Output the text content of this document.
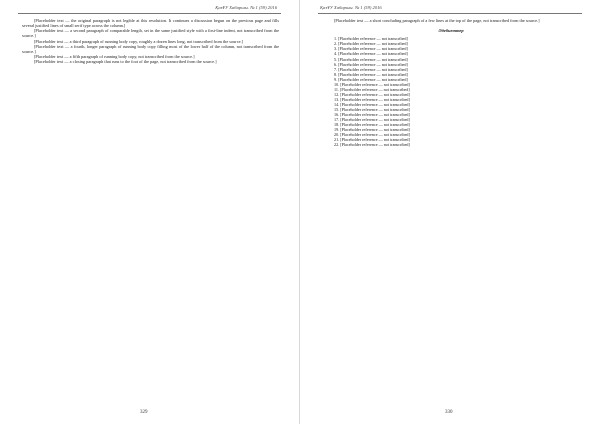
ҚазҰУ Хабаршы. № 1 (59) 2016

[Placeholder text — the original paragraph is not legible at this resolution. It continues a discussion begun on the previous page and fills several justified lines of small serif type across the column.]

[Placeholder text — a second paragraph of comparable length, set in the same justified style with a first-line indent, not transcribed from the source.]

[Placeholder text — a third paragraph of running body copy, roughly a dozen lines long, not transcribed from the source.]

[Placeholder text — a fourth, longer paragraph of running body copy filling most of the lower half of the column, not transcribed from the source.]

[Placeholder text — a fifth paragraph of running body copy, not transcribed from the source.]

[Placeholder text — a closing paragraph that runs to the foot of the page, not transcribed from the source.]

329
ҚазҰУ Хабаршы. № 1 (59) 2016

[Placeholder text — a short concluding paragraph of a few lines at the top of the page, not transcribed from the source.]

Әдебиеттер

1. [Placeholder reference — not transcribed]

2. [Placeholder reference — not transcribed]

3. [Placeholder reference — not transcribed]

4. [Placeholder reference — not transcribed]

5. [Placeholder reference — not transcribed]

6. [Placeholder reference — not transcribed]

7. [Placeholder reference — not transcribed]

8. [Placeholder reference — not transcribed]

9. [Placeholder reference — not transcribed]

10. [Placeholder reference — not transcribed]

11. [Placeholder reference — not transcribed]

12. [Placeholder reference — not transcribed]

13. [Placeholder reference — not transcribed]

14. [Placeholder reference — not transcribed]

15. [Placeholder reference — not transcribed]

16. [Placeholder reference — not transcribed]

17. [Placeholder reference — not transcribed]

18. [Placeholder reference — not transcribed]

19. [Placeholder reference — not transcribed]

20. [Placeholder reference — not transcribed]

21. [Placeholder reference — not transcribed]

22. [Placeholder reference — not transcribed]

330
